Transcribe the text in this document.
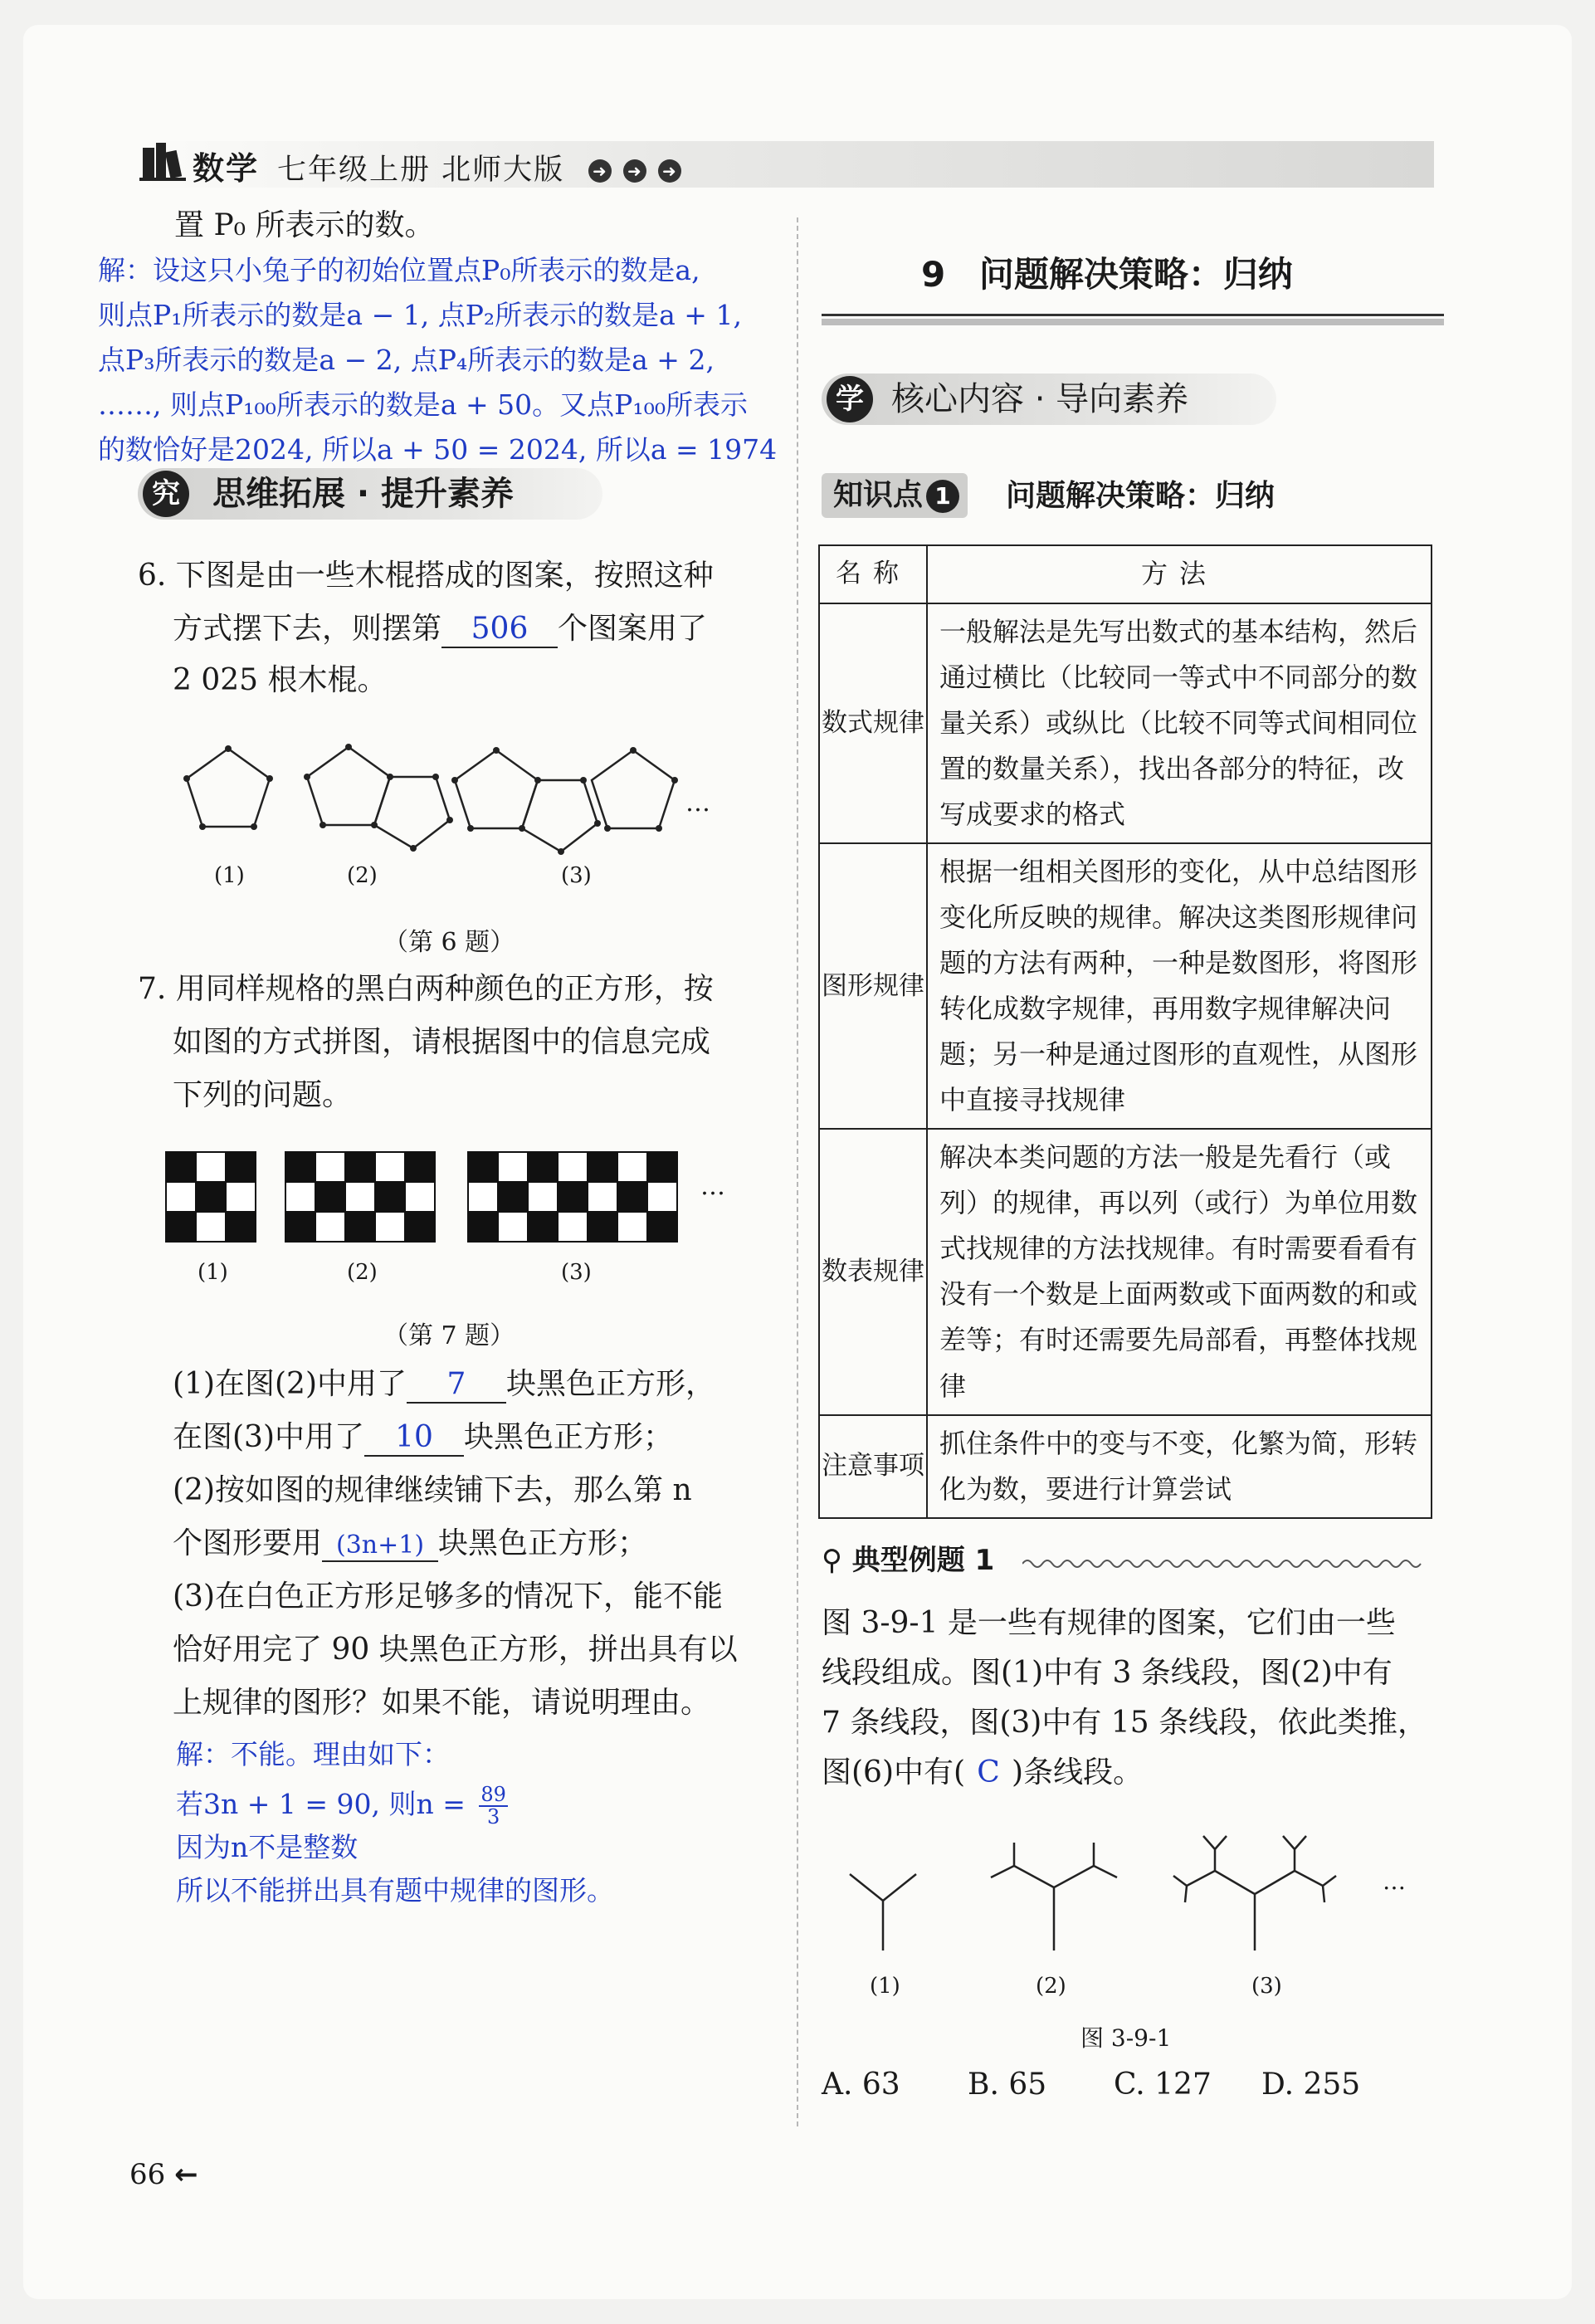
数学 七年级上册 北师大版 ➜ ➜ ➜
置 P₀ 所表示的数。
解：设这只小兔子的初始位置点P₀所表示的数是a,
则点P₁所表示的数是a − 1, 点P₂所表示的数是a + 1,
点P₃所表示的数是a − 2, 点P₄所表示的数是a + 2,
……, 则点P₁₀₀所表示的数是a + 50。又点P₁₀₀所表示
的数恰好是2024, 所以a + 50 = 2024, 所以a = 1974
究 思维拓展 · 提升素养
6. 下图是由一些木棍搭成的图案，按照这种
方式摆下去，则摆第 506 个图案用了
2 025 根木棍。
…
(1)	(2)	(3)
（第 6 题）
7. 用同样规格的黑白两种颜色的正方形，按
如图的方式拼图，请根据图中的信息完成
下列的问题。
…
(1)	(2)	(3)
（第 7 题）
(1)在图(2)中用了 7 块黑色正方形，
在图(3)中用了 10 块黑色正方形；
(2)按如图的规律继续铺下去，那么第 n
个图形要用 (3n+1) 块黑色正方形；
(3)在白色正方形足够多的情况下，能不能
恰好用完了 90 块黑色正方形，拼出具有以
上规律的图形？如果不能，请说明理由。
解：不能。理由如下：
若3n + 1 = 90, 则$n = \frac{89}{3}$
因为n不是整数
所以不能拼出具有题中规律的图形。
66 ←
9 问题解决策略：归纳
学 核心内容 · 导向素养
知识点 1	问题解决策略：归纳
名称	方法
数式规律	一般解法是先写出数式的基本结构，然后通过横比（比较同一等式中不同部分的数量关系）或纵比（比较不同等式间相同位置的数量关系），找出各部分的特征，改写成要求的格式
图形规律	根据一组相关图形的变化，从中总结图形变化所反映的规律。解决这类图形规律问题的方法有两种，一种是数图形，将图形转化成数字规律，再用数字规律解决问题；另一种是通过图形的直观性，从图形中直接寻找规律
数表规律	解决本类问题的方法一般是先看行（或列）的规律，再以列（或行）为单位用数式找规律的方法找规律。有时需要看看有没有一个数是上面两数或下面两数的和或差等；有时还需要先局部看，再整体找规律
注意事项	抓住条件中的变与不变，化繁为简，形转化为数，要进行计算尝试
⚲ 典型例题 1
图 3-9-1 是一些有规律的图案，它们由一些
线段组成。图(1)中有 3 条线段，图(2)中有
7 条线段，图(3)中有 15 条线段，依此类推，
图(6)中有( C )条线段。
…
(1)	(2)	(3)
图 3-9-1
A. 63 B. 65 C. 127 D. 255
